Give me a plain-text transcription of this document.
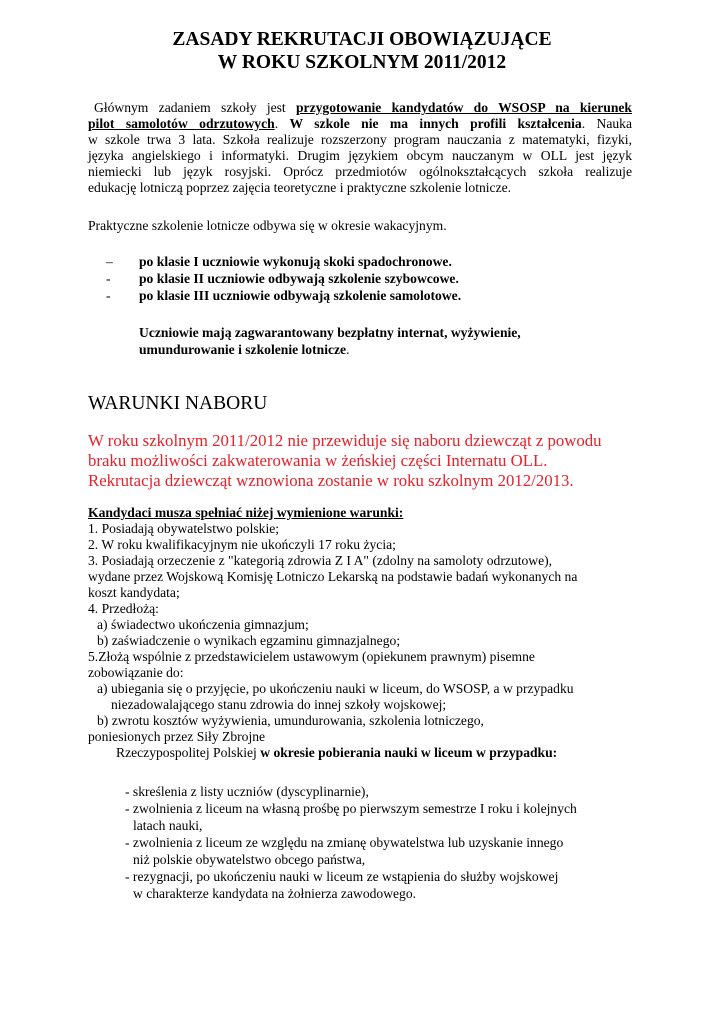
ZASADY REKRUTACJI OBOWIĄZUJĄCE
W ROKU SZKOLNYM 2011/2012
Głównym zadaniem szkoły jest przygotowanie kandydatów do WSOSP na kierunek
pilot samolotów odrzutowych. W szkole nie ma innych profili kształcenia. Nauka
w szkole trwa 3 lata. Szkoła realizuje rozszerzony program nauczania z matematyki, fizyki,
języka angielskiego i informatyki. Drugim językiem obcym nauczanym w OLL jest język
niemiecki lub język rosyjski. Oprócz przedmiotów ogólnokształcących szkoła realizuje
edukację lotniczą poprzez zajęcia teoretyczne i praktyczne szkolenie lotnicze.
Praktyczne szkolenie lotnicze odbywa się w okresie wakacyjnym.
– po klasie I uczniowie wykonują skoki spadochronowe.
- po klasie II uczniowie odbywają szkolenie szybowcowe.
- po klasie III uczniowie odbywają szkolenie samolotowe.
Uczniowie mają zagwarantowany bezpłatny internat, wyżywienie,
umundurowanie i szkolenie lotnicze.
WARUNKI NABORU
W roku szkolnym 2011/2012 nie przewiduje się naboru dziewcząt z powodu
braku możliwości zakwaterowania w żeńskiej części Internatu OLL.
Rekrutacja dziewcząt wznowiona zostanie w roku szkolnym 2012/2013.
Kandydaci musza spełniać niżej wymienione warunki:
1. Posiadają obywatelstwo polskie;
2. W roku kwalifikacyjnym nie ukończyli 17 roku życia;
3. Posiadają orzeczenie z "kategorią zdrowia Z I A" (zdolny na samoloty odrzutowe),
wydane przez Wojskową Komisję Lotniczo Lekarską na podstawie badań wykonanych na
koszt kandydata;
4. Przedłożą:
a) świadectwo ukończenia gimnazjum;
b) zaświadczenie o wynikach egzaminu gimnazjalnego;
5.Złożą wspólnie z przedstawicielem ustawowym (opiekunem prawnym) pisemne
zobowiązanie do:
a) ubiegania się o przyjęcie, po ukończeniu nauki w liceum, do WSOSP, a w przypadku
niezadowalającego stanu zdrowia do innej szkoły wojskowej;
b) zwrotu kosztów wyżywienia, umundurowania, szkolenia lotniczego,
poniesionych przez Siły Zbrojne
Rzeczypospolitej Polskiej w okresie pobierania nauki w liceum w przypadku:
- skreślenia z listy uczniów (dyscyplinarnie),
- zwolnienia z liceum na własną prośbę po pierwszym semestrze I roku i kolejnych
latach nauki,
- zwolnienia z liceum ze względu na zmianę obywatelstwa lub uzyskanie innego
niż polskie obywatelstwo obcego państwa,
- rezygnacji, po ukończeniu nauki w liceum ze wstąpienia do służby wojskowej
w charakterze kandydata na żołnierza zawodowego.
